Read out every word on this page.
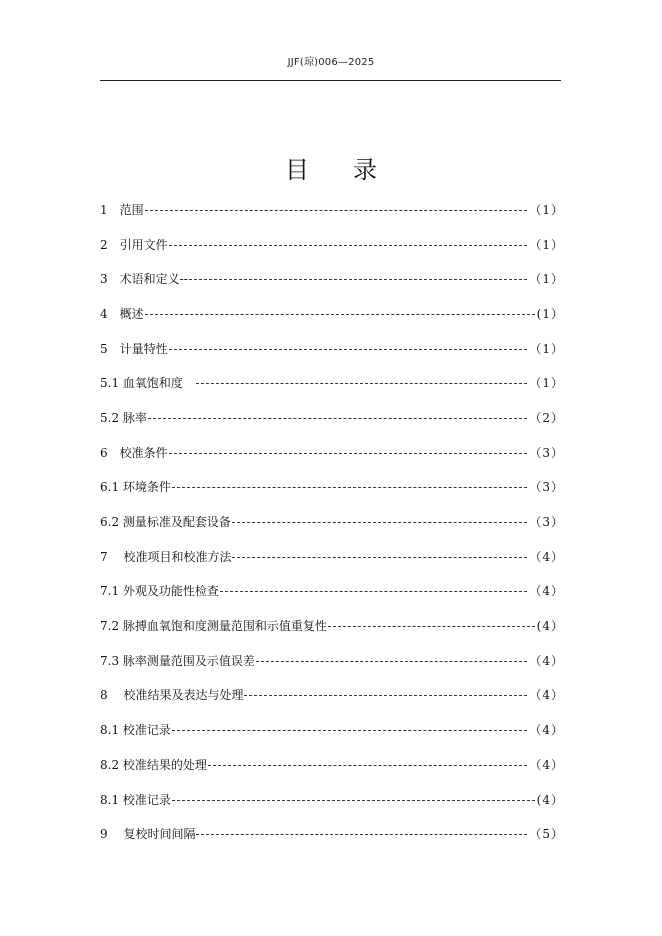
JJF(琼)006—2025
目 录
1　范围	（1）
2　引用文件	（1）
3　术语和定义--	（1）
4　概述	(1）
5　计量特性	（1）
5.1 血氧饱和度　	（1）
5.2 脉率	（2）
6　校准条件	（3）
6.1 环境条件	（3）
6.2 测量标准及配套设备	（3）
7　 校准项目和校准方法	（4）
7.1 外观及功能性检查	（4）
7.2 脉搏血氧饱和度测量范围和示值重复性	(4）
7.3 脉率测量范围及示值误差	（4）
8　 校准结果及表达与处理	（4）
8.1 校准记录	（4）
8.2 校准结果的处理	（4）
8.1 校准记录	(4）
9　 复校时间间隔	（5）
